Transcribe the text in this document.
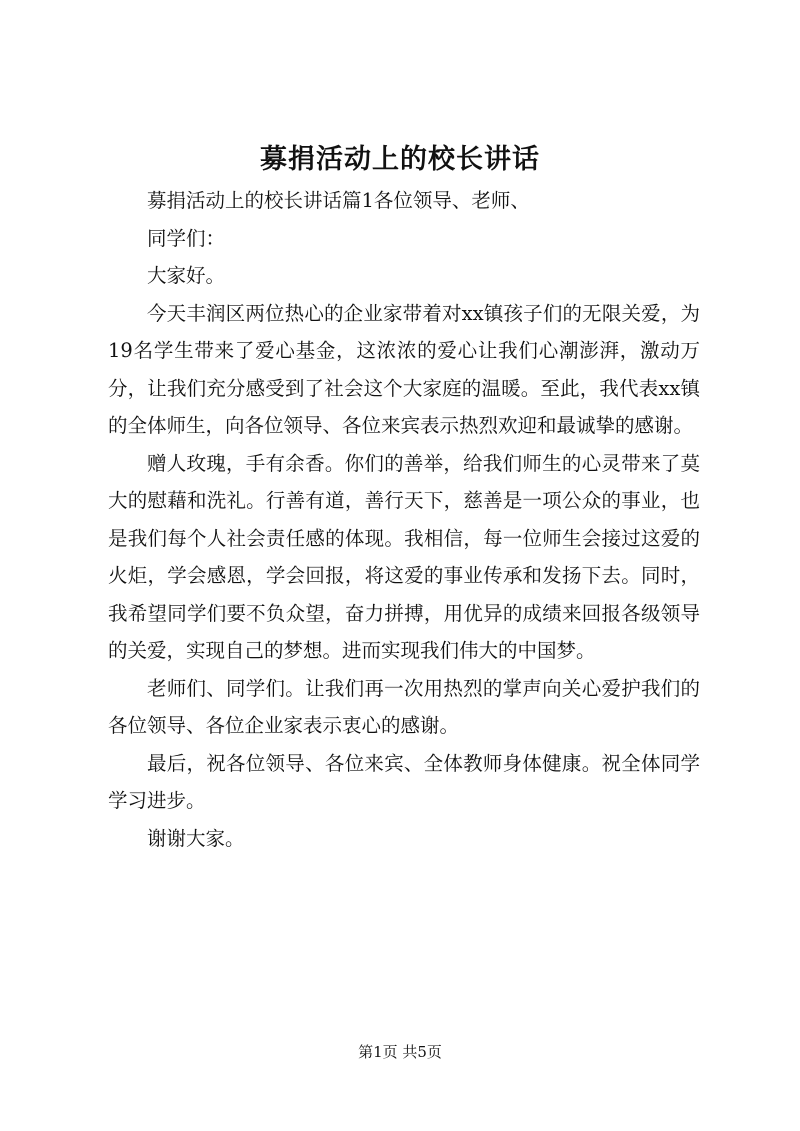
募捐活动上的校长讲话

募捐活动上的校长讲话篇1各位领导、老师、

同学们：

大家好。

今天丰润区两位热心的企业家带着对xx镇孩子们的无限关爱，为19名学生带来了爱心基金，这浓浓的爱心让我们心潮澎湃，激动万分，让我们充分感受到了社会这个大家庭的温暖。至此，我代表xx镇的全体师生，向各位领导、各位来宾表示热烈欢迎和最诚挚的感谢。

赠人玫瑰，手有余香。你们的善举，给我们师生的心灵带来了莫大的慰藉和洗礼。行善有道，善行天下，慈善是一项公众的事业，也是我们每个人社会责任感的体现。我相信，每一位师生会接过这爱的火炬，学会感恩，学会回报，将这爱的事业传承和发扬下去。同时，我希望同学们要不负众望，奋力拼搏，用优异的成绩来回报各级领导的关爱，实现自己的梦想。进而实现我们伟大的中国梦。

老师们、同学们。让我们再一次用热烈的掌声向关心爱护我们的各位领导、各位企业家表示衷心的感谢。

最后，祝各位领导、各位来宾、全体教师身体健康。祝全体同学学习进步。

谢谢大家。

第1页 共5页
